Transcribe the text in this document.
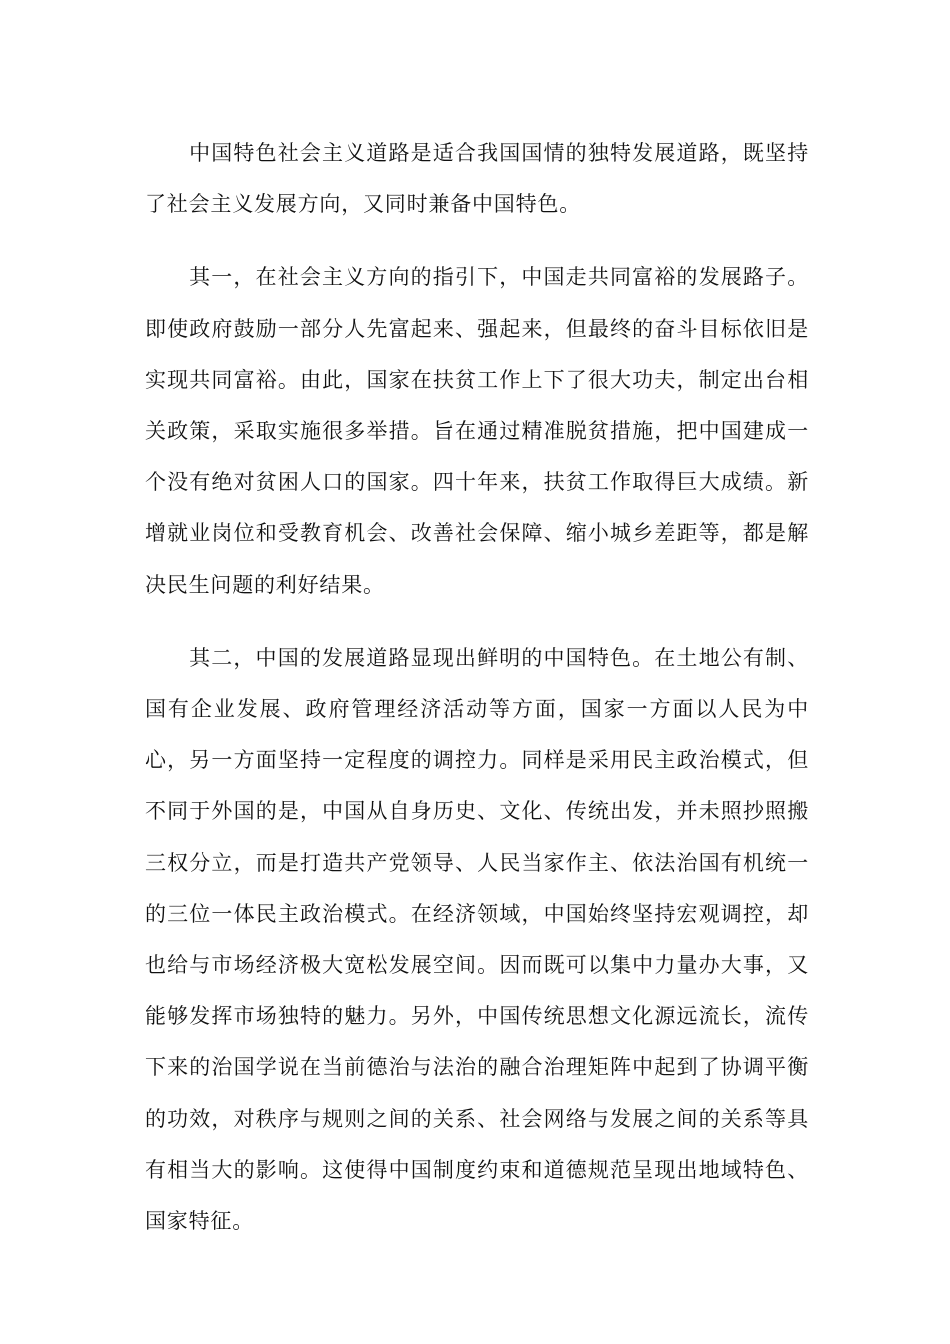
中国特色社会主义道路是适合我国国情的独特发展道路，既坚持了社会主义发展方向，又同时兼备中国特色。

其一，在社会主义方向的指引下，中国走共同富裕的发展路子。即使政府鼓励一部分人先富起来、强起来，但最终的奋斗目标依旧是实现共同富裕。由此，国家在扶贫工作上下了很大功夫，制定出台相关政策，采取实施很多举措。旨在通过精准脱贫措施，把中国建成一个没有绝对贫困人口的国家。四十年来，扶贫工作取得巨大成绩。新增就业岗位和受教育机会、改善社会保障、缩小城乡差距等，都是解决民生问题的利好结果。

其二，中国的发展道路显现出鲜明的中国特色。在土地公有制、国有企业发展、政府管理经济活动等方面，国家一方面以人民为中心，另一方面坚持一定程度的调控力。同样是采用民主政治模式，但不同于外国的是，中国从自身历史、文化、传统出发，并未照抄照搬三权分立，而是打造共产党领导、人民当家作主、依法治国有机统一的三位一体民主政治模式。在经济领域，中国始终坚持宏观调控，却也给与市场经济极大宽松发展空间。因而既可以集中力量办大事，又能够发挥市场独特的魅力。另外，中国传统思想文化源远流长，流传下来的治国学说在当前德治与法治的融合治理矩阵中起到了协调平衡的功效，对秩序与规则之间的关系、社会网络与发展之间的关系等具有相当大的影响。这使得中国制度约束和道德规范呈现出地域特色、国家特征。
